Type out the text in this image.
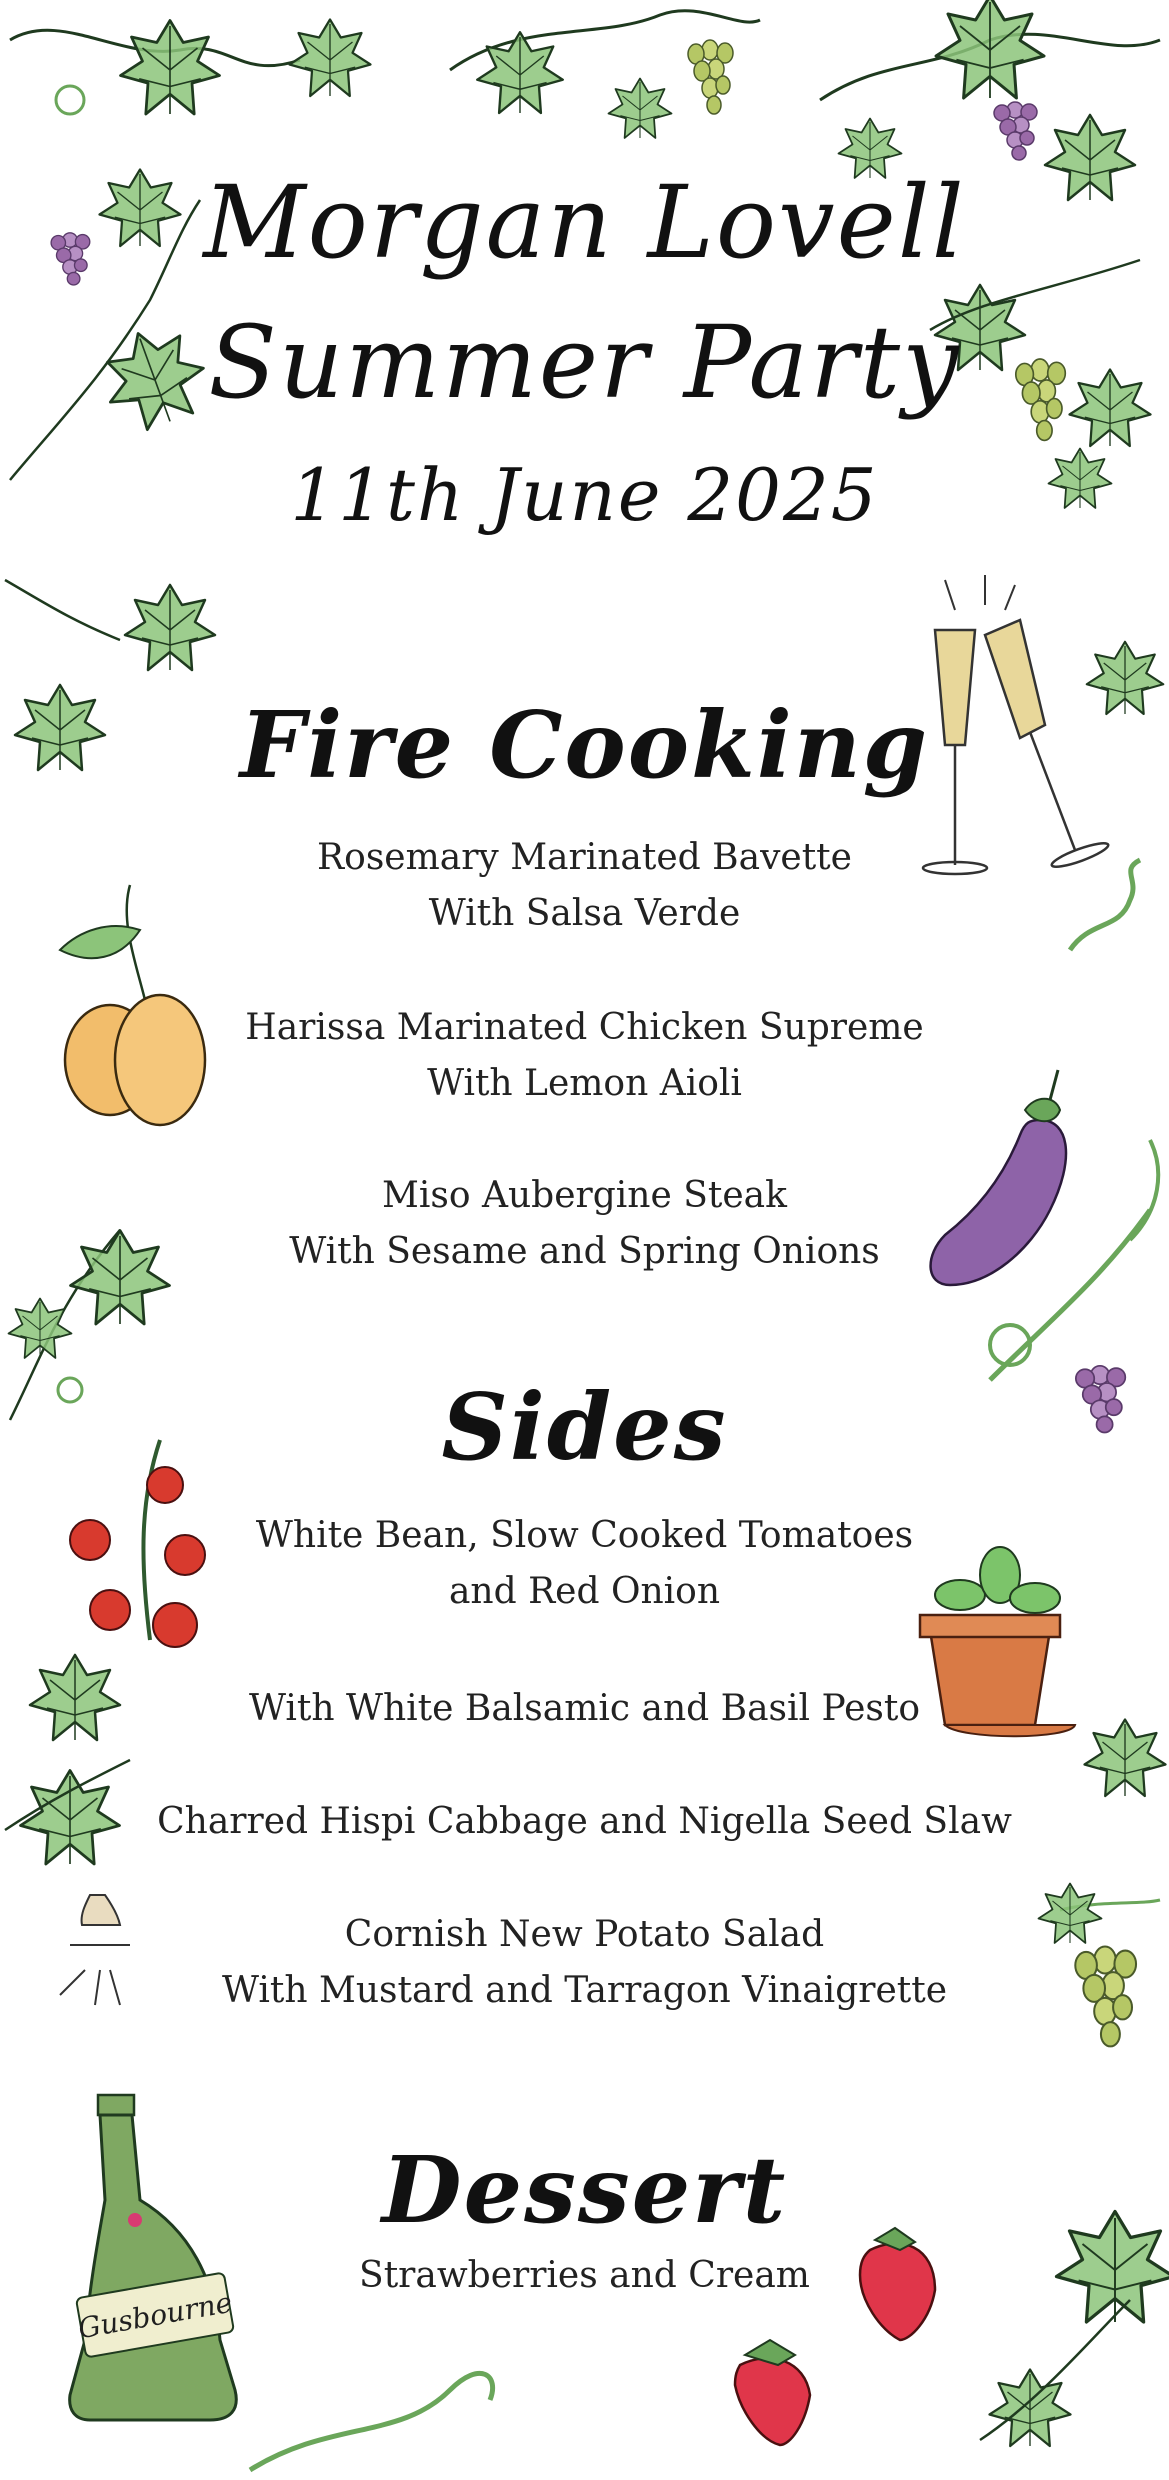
Gusbourne
Morgan Lovell
Summer Party
11th June 2025
Fire Cooking
Rosemary Marinated Bavette
With Salsa Verde
Harissa Marinated Chicken Supreme
With Lemon Aioli
Miso Aubergine Steak
With Sesame and Spring Onions
Sides
White Bean, Slow Cooked Tomatoes
and Red Onion
With White Balsamic and Basil Pesto
Charred Hispi Cabbage and Nigella Seed Slaw
Cornish New Potato Salad
With Mustard and Tarragon Vinaigrette
Dessert
Strawberries and Cream
